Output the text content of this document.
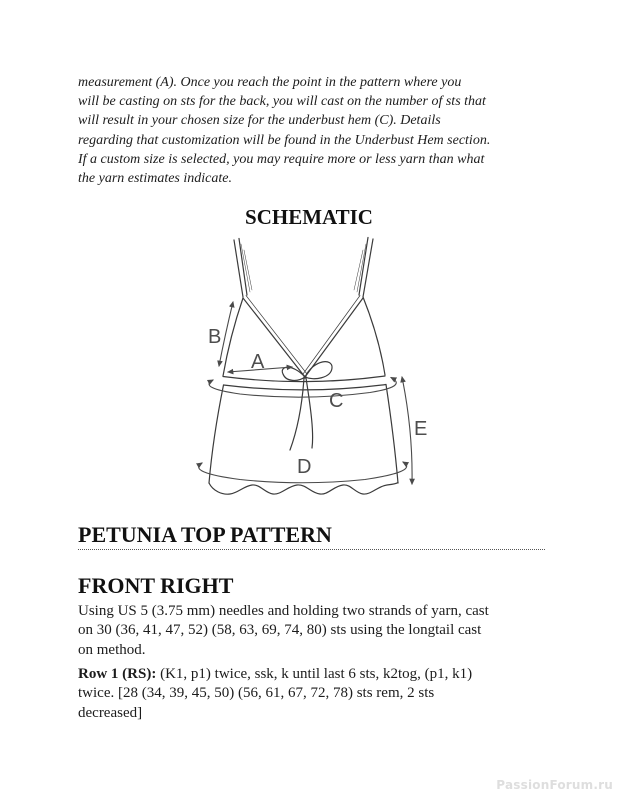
measurement (A). Once you reach the point in the pattern where you
will be casting on sts for the back, you will cast on the number of sts that
will result in your chosen size for the underbust hem (C). Details
regarding that customization will be found in the Underbust Hem section.
If a custom size is selected, you may require more or less yarn than what
the yarn estimates indicate.
SCHEMATIC
A
B
C
D
E
PETUNIA TOP PATTERN
FRONT RIGHT
Using US 5 (3.75 mm) needles and holding two strands of yarn, cast
on 30 (36, 41, 47, 52) (58, 63, 69, 74, 80) sts using the longtail cast
on method.
Row 1 (RS): (K1, p1) twice, ssk, k until last 6 sts, k2tog, (p1, k1)
twice. [28 (34, 39, 45, 50) (56, 61, 67, 72, 78) sts rem, 2 sts
decreased]
PassionForum.ru
